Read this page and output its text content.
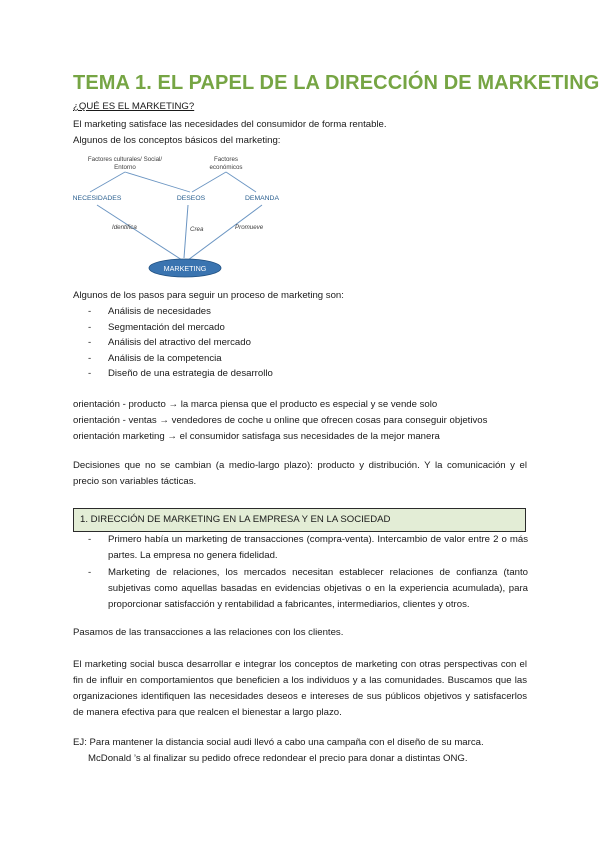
TEMA 1. EL PAPEL DE LA DIRECCIÓN DE MARKETING
¿QUÉ ES EL MARKETING?
El marketing satisface las necesidades del consumidor de forma rentable.
Algunos de los conceptos básicos del marketing:
Factores culturales/ Social/
Entorno
Factores
económicos
NECESIDADES	DESEOS	DEMANDA
Identifica	Crea	Promueve
MARKETING
Algunos de los pasos para seguir un proceso de marketing son:
- Análisis de necesidades
- Segmentación del mercado
- Análisis del atractivo del mercado
- Análisis de la competencia
- Diseño de una estrategia de desarrollo
orientación - producto → la marca piensa que el producto es especial y se vende solo
orientación - ventas → vendedores de coche u online que ofrecen cosas para conseguir objetivos
orientación marketing → el consumidor satisfaga sus necesidades de la mejor manera
Decisiones que no se cambian (a medio-largo plazo): producto y distribución. Y la comunicación y el precio son variables tácticas.
1. DIRECCIÓN DE MARKETING EN LA EMPRESA Y EN LA SOCIEDAD
- Primero había un marketing de transacciones (compra-venta). Intercambio de valor entre 2 o más partes. La empresa no genera fidelidad.
- Marketing de relaciones, los mercados necesitan establecer relaciones de confianza (tanto subjetivas como aquellas basadas en evidencias objetivas o en la experiencia acumulada), para proporcionar satisfacción y rentabilidad a fabricantes, intermediarios, clientes y otros.
Pasamos de las transacciones a las relaciones con los clientes.
El marketing social busca desarrollar e integrar los conceptos de marketing con otras perspectivas con el fin de influir en comportamientos que beneficien a los individuos y a las comunidades. Buscamos que las organizaciones identifiquen las necesidades deseos e intereses de sus públicos objetivos y satisfacerlos de manera efectiva para que realcen el bienestar a largo plazo.
EJ: Para mantener la distancia social audi llevó a cabo una campaña con el diseño de su marca.
McDonald ’s al finalizar su pedido ofrece redondear el precio para donar a distintas ONG.
